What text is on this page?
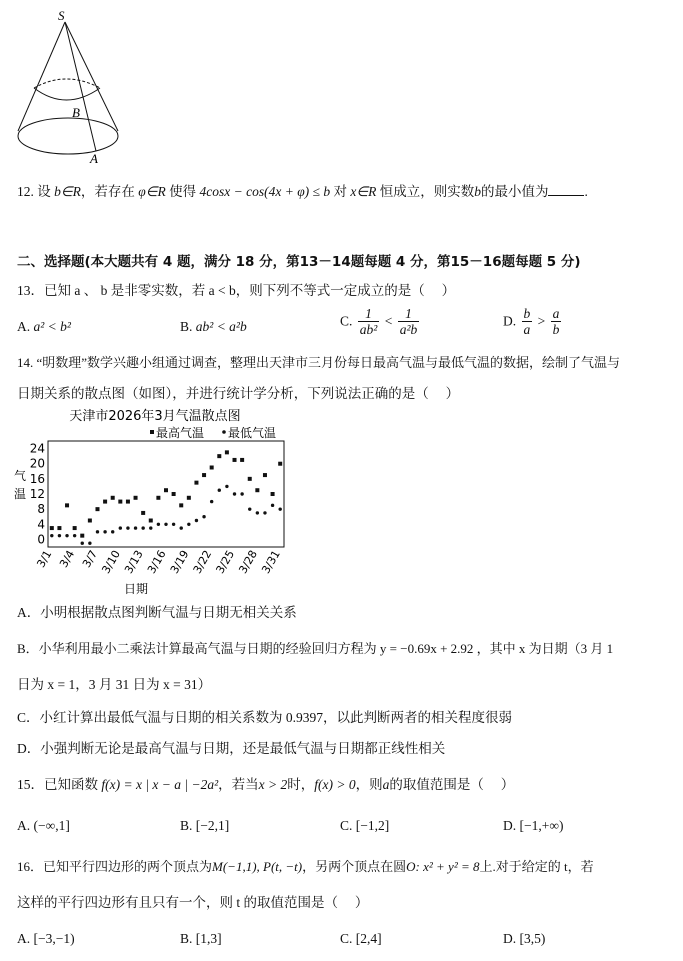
S
B
A
12. 设 b∈R，若存在 φ∈R 使得 4cosx − cos(4x + φ) ≤ b 对 x∈R 恒成立，则实数b的最小值为	.
二、选择题(本大题共有 4 题，满分 18 分，第13－14题每题 4 分，第15－16题每题 5 分)
13．已知 a 、 b 是非零实数，若 a < b，则下列不等式一定成立的是（　 ）
A. a² < b²	B. ab² < a²b	C. $\frac{1}{\text{ab²}} < \frac{1}{\text{a²b}}$	D. $\frac{b}{a} > \frac{a}{b}$
14. “明数理”数学兴趣小组通过调查，整理出天津市三月份每日最高气温与最低气温的数据，绘制了气温与
日期关系的散点图（如图），并进行统计学分析，下列说法正确的是（　 ）
天津市2026年3月气温散点图
最高气温 最低气温
气
温
24
20
16
12
8
4
0
3/1 3/4 3/7 3/10 3/13 3/16 3/19 3/22 3/25 3/28 3/31
日期
A．小明根据散点图判断气温与日期无相关关系
B．小华利用最小二乘法计算最高气温与日期的经验回归方程为 y = −0.69x + 2.92 ，其中 x 为日期（3 月 1
日为 x = 1，3 月 31 日为 x = 31）
C．小红计算出最低气温与日期的相关系数为 0.9397，以此判断两者的相关程度很弱
D．小强判断无论是最高气温与日期，还是最低气温与日期都正线性相关
15．已知函数 f(x) = x | x − a | −2a²，若当x > 2时，f(x) > 0，则a的取值范围是（　 ）
A. (−∞,1]	B. [−2,1]	C. [−1,2]	D. [−1,+∞)
16．已知平行四边形的两个顶点为M(−1,1), P(t, −t)，另两个顶点在圆O: x² + y² = 8上.对于给定的 t，若
这样的平行四边形有且只有一个，则 t 的取值范围是（　 ）
A. [−3,−1)	B. [1,3]	C. [2,4]	D. [3,5)
